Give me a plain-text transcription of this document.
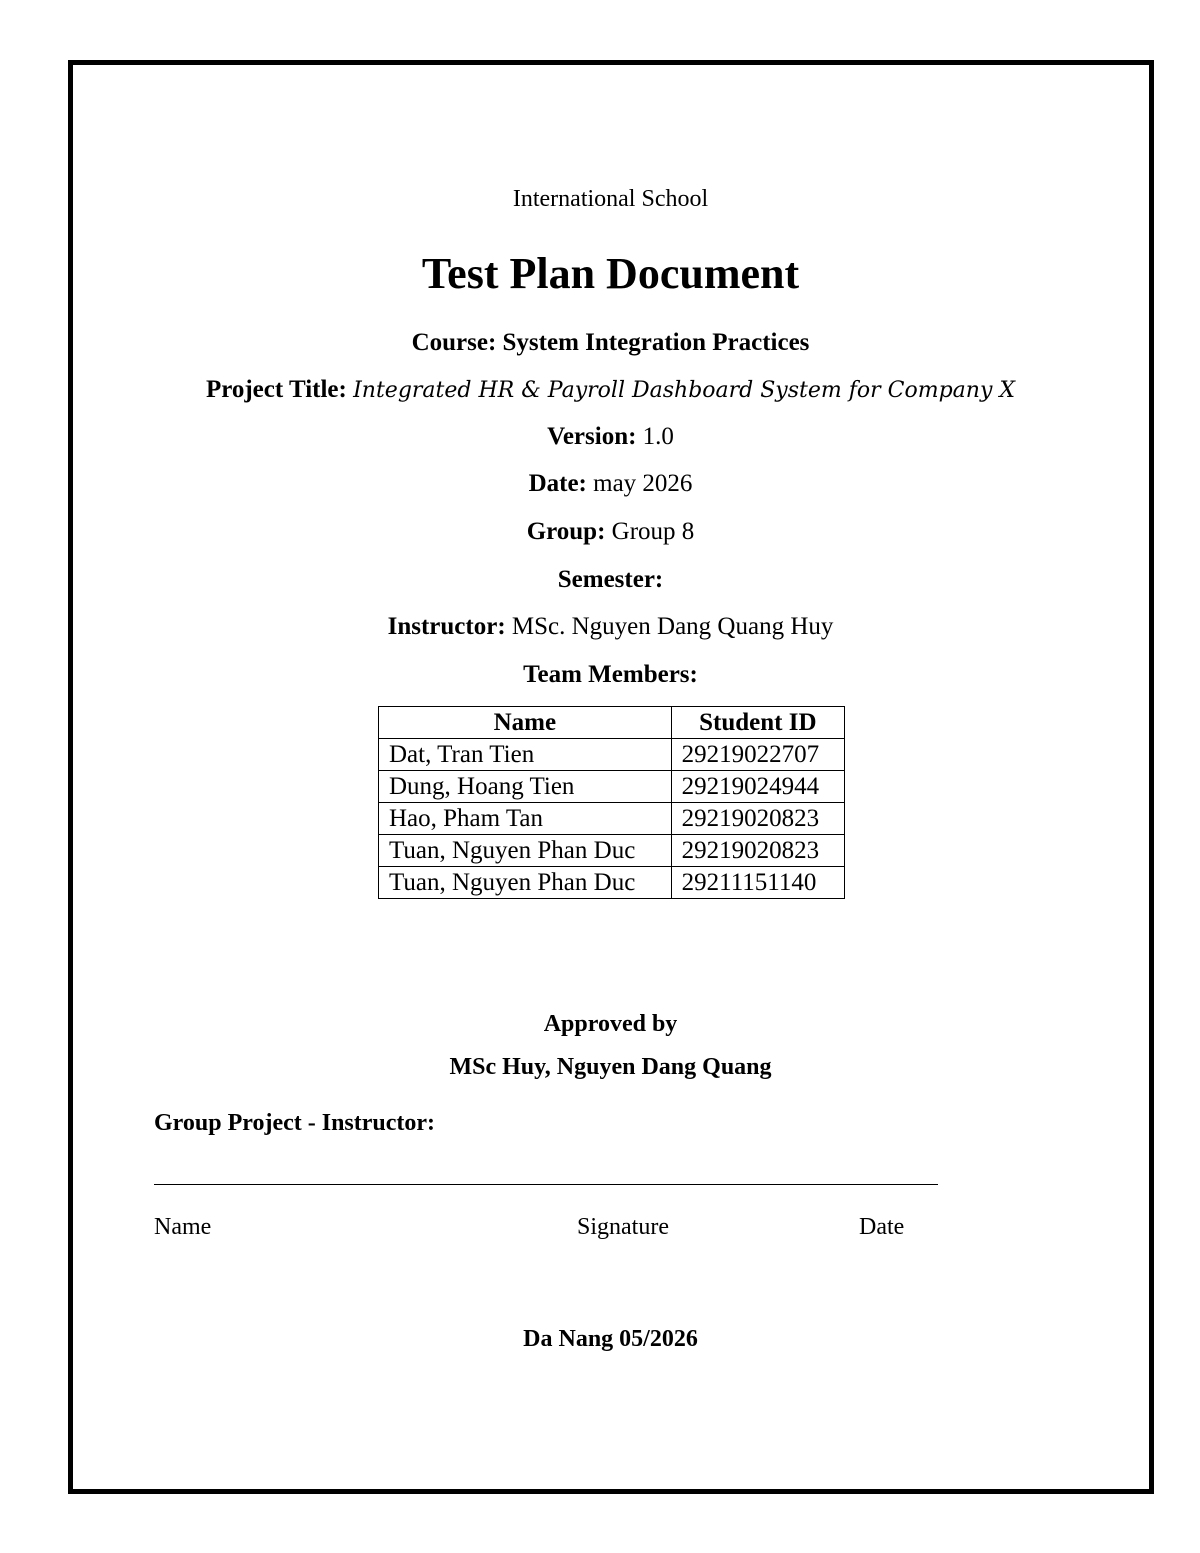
International School
Test Plan Document
Course: System Integration Practices
Project Title: Integrated HR & Payroll Dashboard System for Company X
Version: 1.0
Date: may 2026
Group: Group 8
Semester:
Instructor: MSc. Nguyen Dang Quang Huy
Team Members:
Name	Student ID
Dat, Tran Tien	29219022707
Dung, Hoang Tien	29219024944
Hao, Pham Tan	29219020823
Tuan, Nguyen Phan Duc	29219020823
Tuan, Nguyen Phan Duc	29211151140
Approved by
MSc Huy, Nguyen Dang Quang
Group Project - Instructor:
Name	Signature	Date
Da Nang 05/2026
